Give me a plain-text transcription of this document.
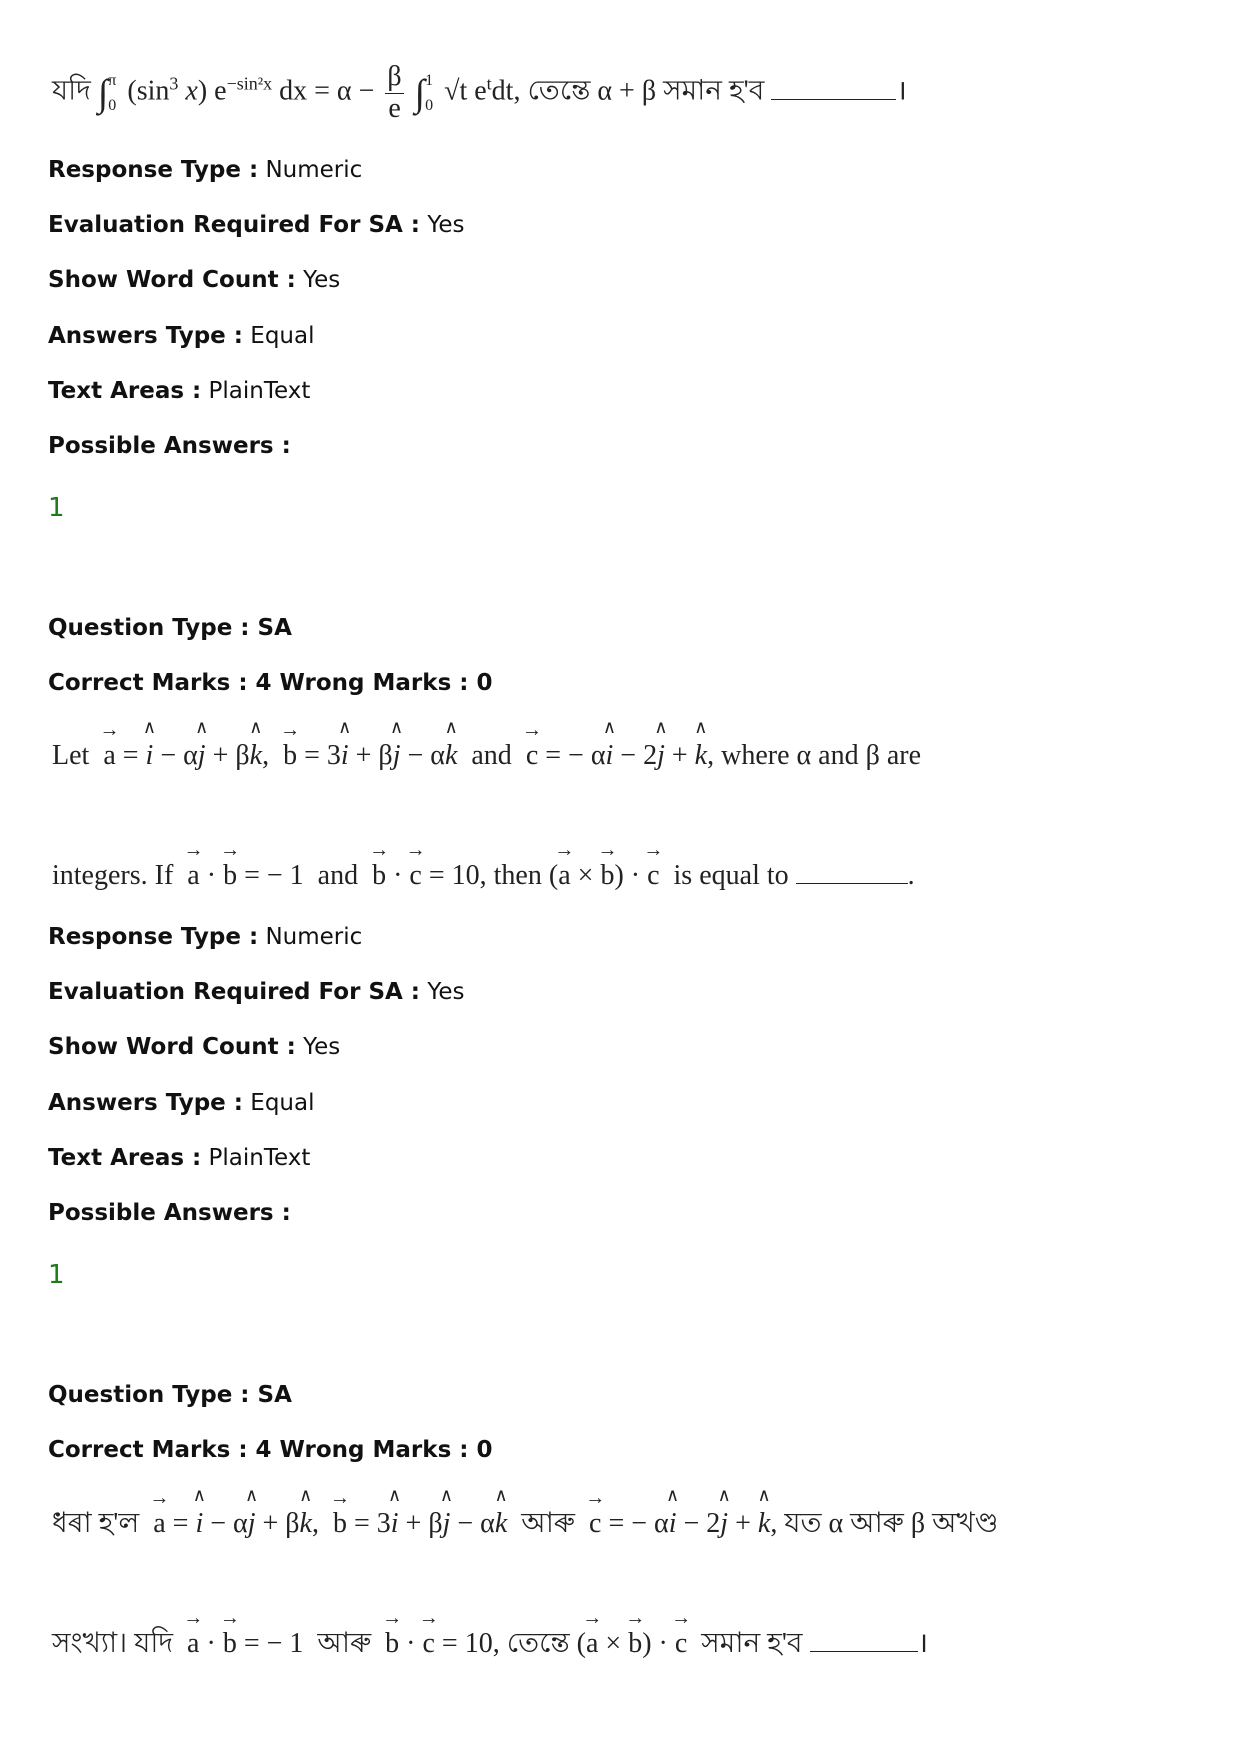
যদি ∫ π
0 ($\sin^3$ x) $e^{-sin^2x}$ dx = $\alpha - \frac{\beta}{e}$ ∫ 1
0 √t $e^tdt$, তেন্তে α + β সমান হ'ব	।
Response Type : Numeric
Evaluation Required For SA : Yes
Show Word Count : Yes
Answers Type : Equal
Text Areas : PlainText
Possible Answers :
1
Question Type : SA
Correct Marks : 4 Wrong Marks : 0
Let → a = ∧ i − α∧ j + β∧ k,  → b = 3∧ i + β∧ j − α∧ k and → c = − α∧ i − 2∧ j + ∧ k, where α and β are
integers. If → a · → b = − 1  and → b · → c = 10, then (→ a × → b) · → c is equal to	.
Response Type : Numeric
Evaluation Required For SA : Yes
Show Word Count : Yes
Answers Type : Equal
Text Areas : PlainText
Possible Answers :
1
Question Type : SA
Correct Marks : 4 Wrong Marks : 0
ধৰা হ'ল → a = ∧ i − α∧ j + β∧ k,  → b = 3∧ i + β∧ j − α∧ k আৰু → c = − α∧ i − 2∧ j + ∧ k, যত α আৰু β অখণ্ড
সংখ্যা। যদি → a · → b = − 1  আৰু → b · → c = 10, তেন্তে (→ a × → b) · → c সমান হ'ব	।
